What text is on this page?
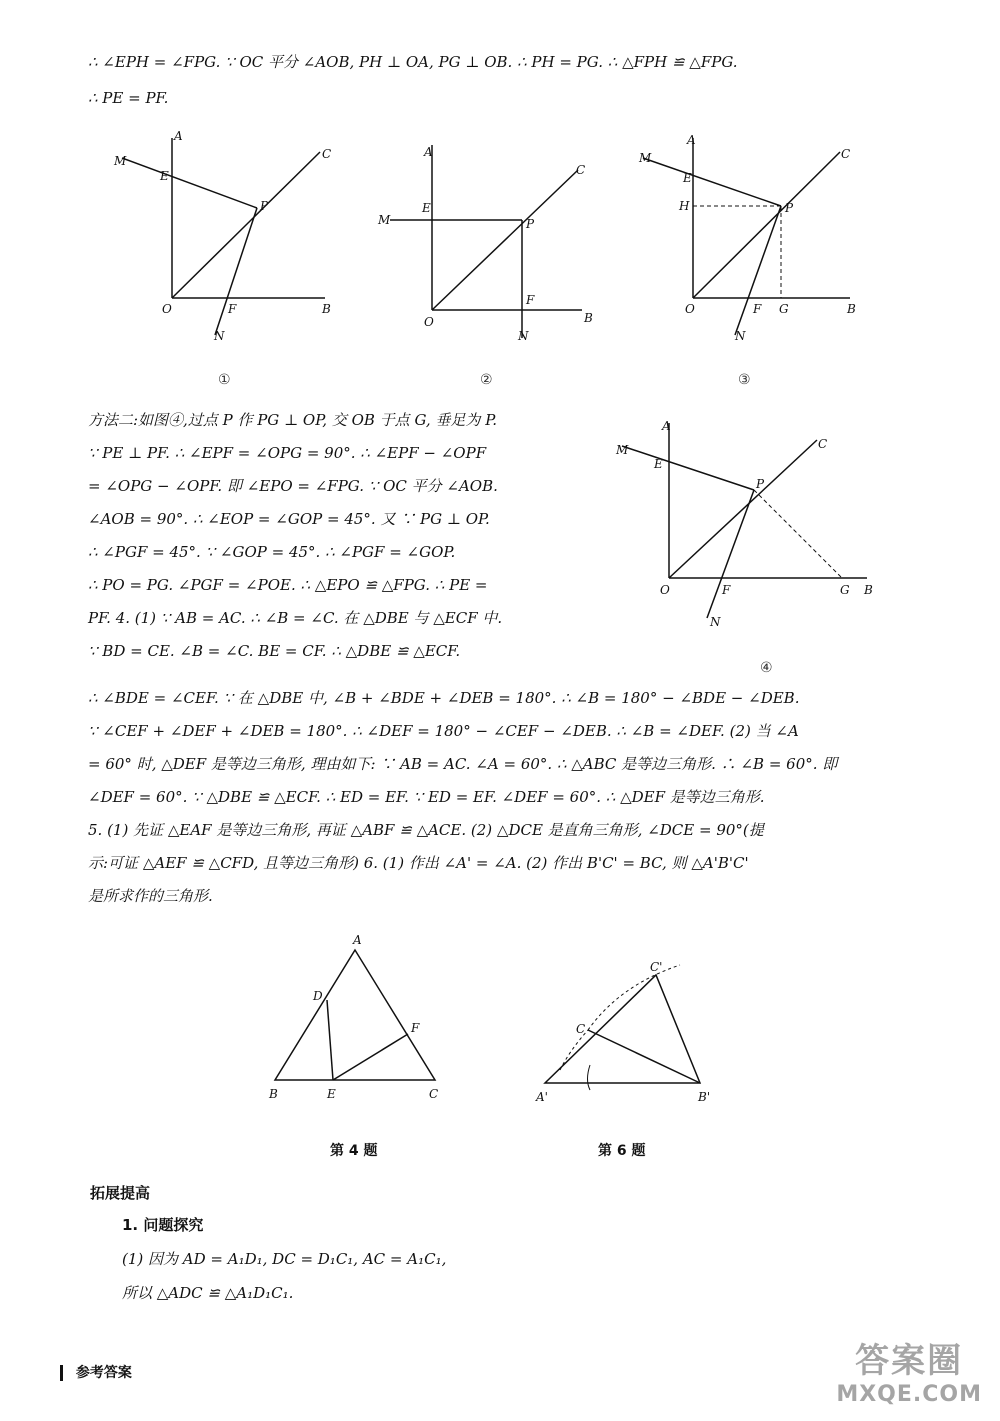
∴ ∠EPH = ∠FPG. ∵ OC 平分 ∠AOB, PH ⊥ OA, PG ⊥ OB. ∴ PH = PG. ∴ △FPH ≌ △FPG.
∴ PE = PF.
A
M
E
P
C
O	F	B
N
①
A
M
E
P
C
O
F
B
N
②
A
M
E
H	P
C
O	F G	B
N
③
方法二:如图④,过点 P 作 PG ⊥ OP, 交 OB 于点 G, 垂足为 P.
∵ PE ⊥ PF. ∴ ∠EPF = ∠OPG = 90°. ∴ ∠EPF − ∠OPF
= ∠OPG − ∠OPF. 即 ∠EPO = ∠FPG. ∵ OC 平分 ∠AOB.
∠AOB = 90°. ∴ ∠EOP = ∠GOP = 45°. 又 ∵ PG ⊥ OP.
∴ ∠PGF = 45°. ∵ ∠GOP = 45°. ∴ ∠PGF = ∠GOP.
∴ PO = PG. ∠PGF = ∠POE. ∴ △EPO ≌ △FPG. ∴ PE =
PF. 4. (1) ∵ AB = AC. ∴ ∠B = ∠C. 在 △DBE 与 △ECF 中.
∵ BD = CE. ∠B = ∠C. BE = CF. ∴ △DBE ≌ △ECF.
A
M
E
P
C
O	F	G B
N
④
∴ ∠BDE = ∠CEF. ∵ 在 △DBE 中, ∠B + ∠BDE + ∠DEB = 180°. ∴ ∠B = 180° − ∠BDE − ∠DEB.
∵ ∠CEF + ∠DEF + ∠DEB = 180°. ∴ ∠DEF = 180° − ∠CEF − ∠DEB. ∴ ∠B = ∠DEF. (2) 当 ∠A
= 60° 时, △DEF 是等边三角形, 理由如下: ∵ AB = AC. ∠A = 60°. ∴ △ABC 是等边三角形. ∴ ∠B = 60°. 即
∠DEF = 60°. ∵ △DBE ≌ △ECF. ∴ ED = EF. ∵ ED = EF. ∠DEF = 60°. ∴ △DEF 是等边三角形.
5. (1) 先证 △EAF 是等边三角形, 再证 △ABF ≌ △ACE. (2) △DCE 是直角三角形, ∠DCE = 90°(提
示:可证 △AEF ≌ △CFD, 且等边三角形) 6. (1) 作出 ∠A' = ∠A. (2) 作出 B'C' = BC, 则 △A'B'C'
是所求作的三角形.
A
D
F
B	E	C
第 4 题
C'
C
A'	B'
第 6 题
拓展提高
1. 问题探究
(1) 因为 AD = A₁D₁, DC = D₁C₁, AC = A₁C₁,
所以 △ADC ≌ △A₁D₁C₁.
参考答案	答案圈
MXQE.COM
